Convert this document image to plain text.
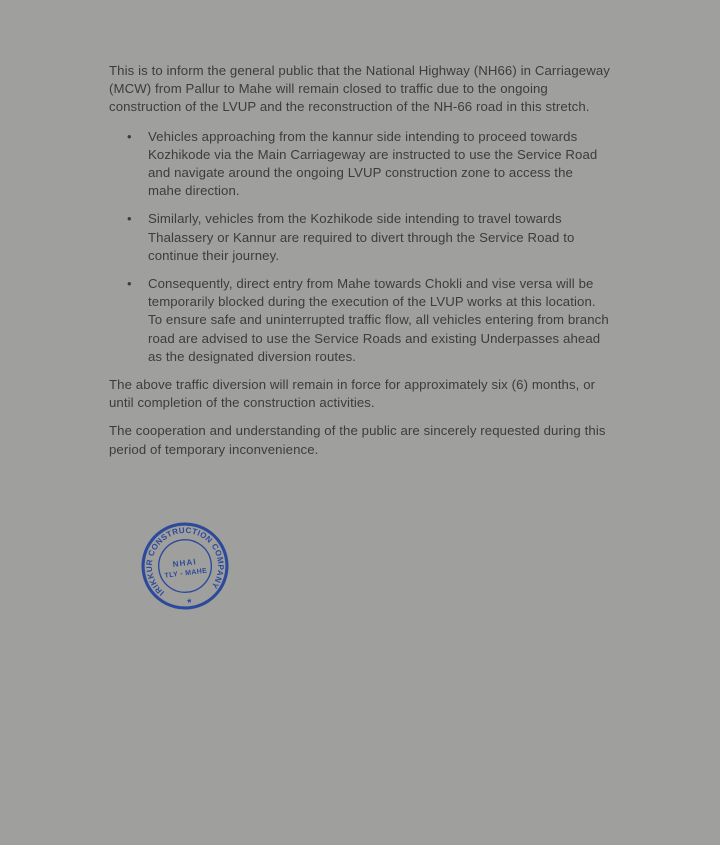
This is to inform the general public that the National Highway (NH66) in Carriageway (MCW) from Pallur to Mahe will remain closed to traffic due to the ongoing construction of the LVUP and the reconstruction of the NH-66 road in this stretch.

• Vehicles approaching from the kannur side intending to proceed towards Kozhikode via the Main Carriageway are instructed to use the Service Road and navigate around the ongoing LVUP construction zone to access the mahe direction.
• Similarly, vehicles from the Kozhikode side intending to travel towards Thalassery or Kannur are required to divert through the Service Road to continue their journey.
• Consequently, direct entry from Mahe towards Chokli and vise versa will be temporarily blocked during the execution of the LVUP works at this location. To ensure safe and uninterrupted traffic flow, all vehicles entering from branch road are advised to use the Service Roads and existing Underpasses ahead as the designated diversion routes.

The above traffic diversion will remain in force for approximately six (6) months, or until completion of the construction activities.

The cooperation and understanding of the public are sincerely requested during this period of temporary inconvenience.

IRIKKUR CONSTRUCTION COMPANY
★
NHAI
TLY - MAHE
